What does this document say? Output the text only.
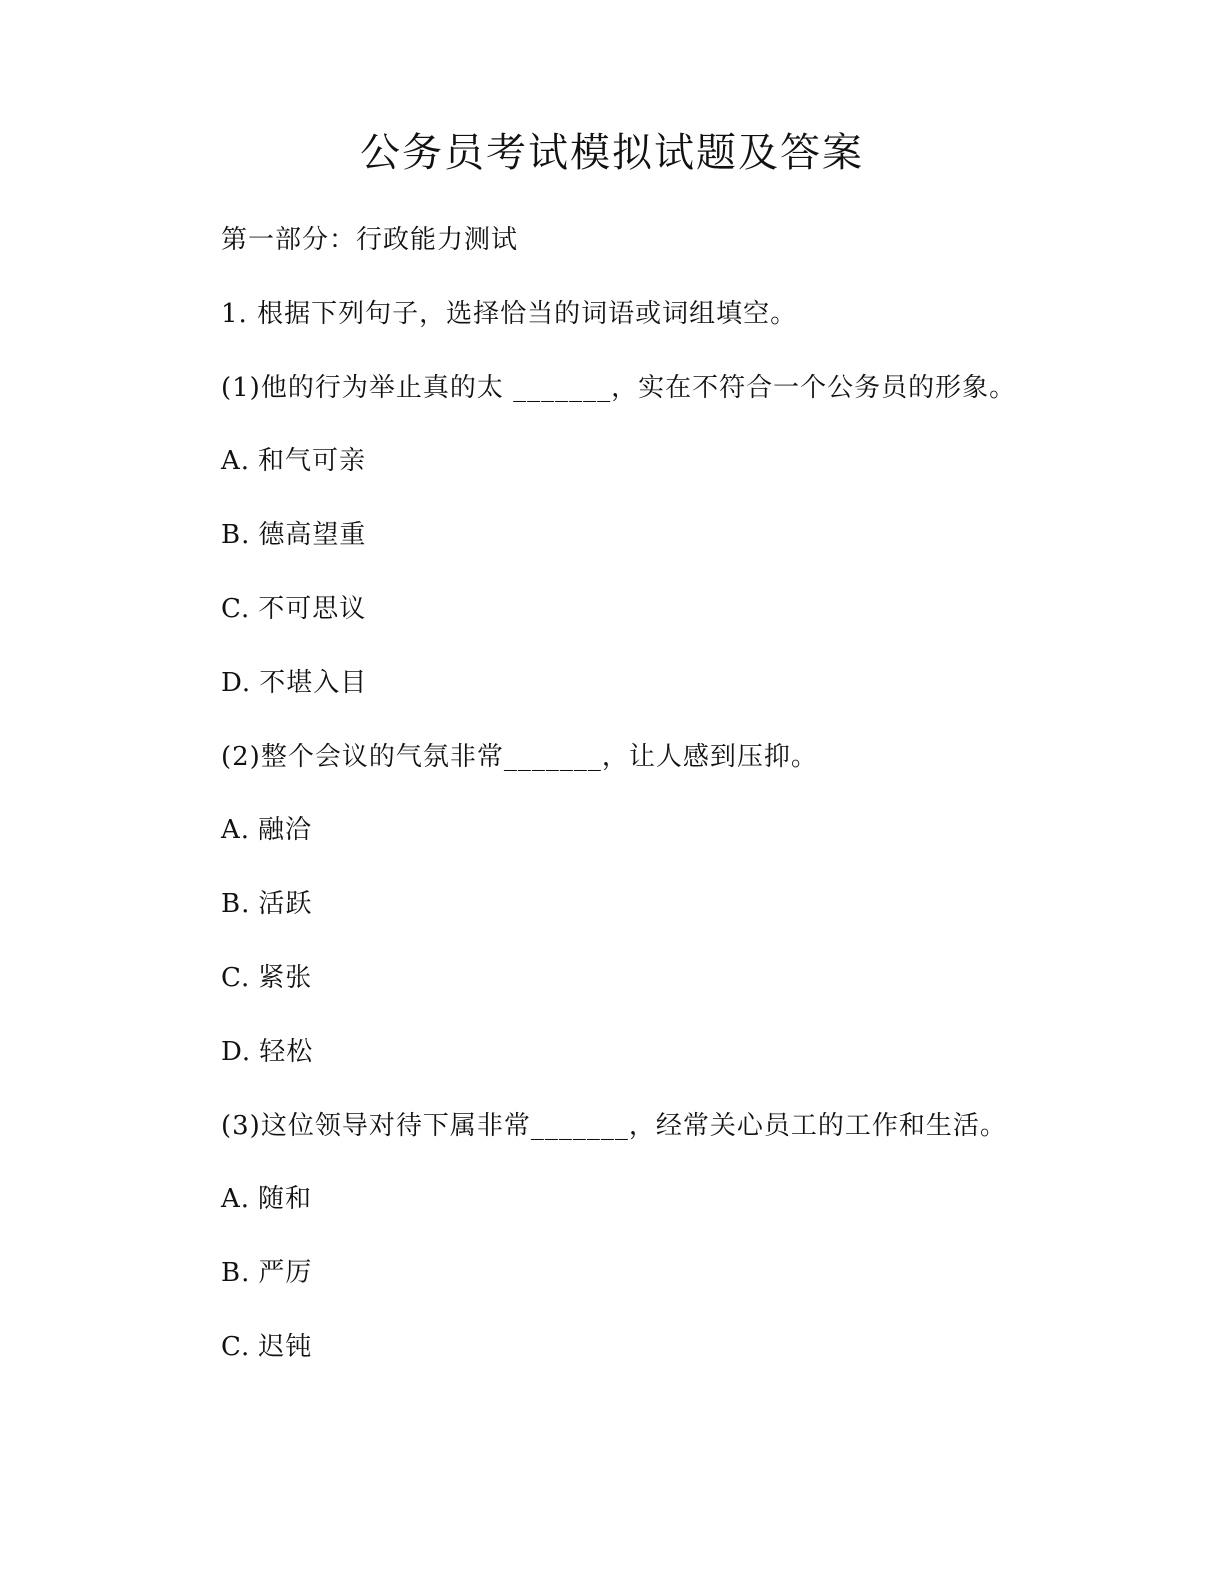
公务员考试模拟试题及答案
第一部分：行政能力测试
1. 根据下列句子，选择恰当的词语或词组填空。
(1)他的行为举止真的太 _______，实在不符合一个公务员的形象。
A. 和气可亲
B. 德高望重
C. 不可思议
D. 不堪入目
(2)整个会议的气氛非常_______，让人感到压抑。
A. 融洽
B. 活跃
C. 紧张
D. 轻松
(3)这位领导对待下属非常_______，经常关心员工的工作和生活。
A. 随和
B. 严厉
C. 迟钝
